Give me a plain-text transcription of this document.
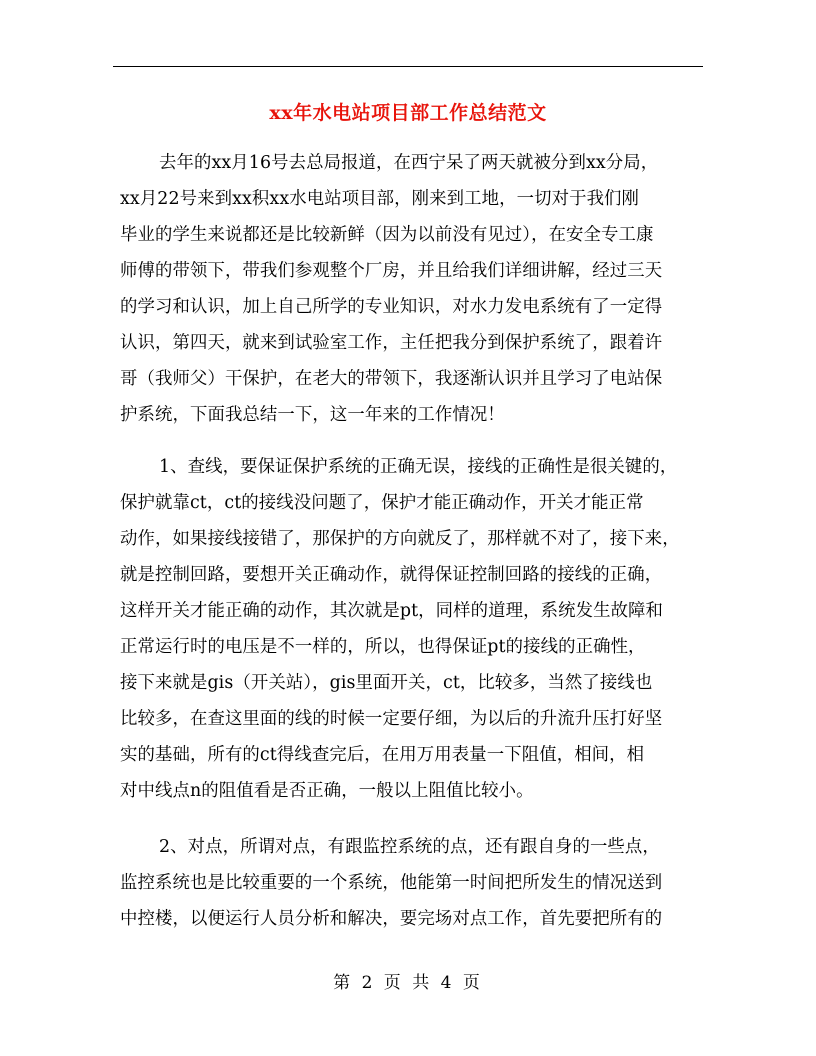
xx年水电站项目部工作总结范文
去年的xx月16号去总局报道，在西宁呆了两天就被分到xx分局，
xx月22号来到xx积xx水电站项目部，刚来到工地，一切对于我们刚
毕业的学生来说都还是比较新鲜（因为以前没有见过），在安全专工康
师傅的带领下，带我们参观整个厂房，并且给我们详细讲解，经过三天
的学习和认识，加上自己所学的专业知识，对水力发电系统有了一定得
认识，第四天，就来到试验室工作，主任把我分到保护系统了，跟着许
哥（我师父）干保护，在老大的带领下，我逐渐认识并且学习了电站保
护系统，下面我总结一下，这一年来的工作情况！
1、查线，要保证保护系统的正确无误，接线的正确性是很关键的，
保护就靠ct，ct的接线没问题了，保护才能正确动作，开关才能正常
动作，如果接线接错了，那保护的方向就反了，那样就不对了，接下来，
就是控制回路，要想开关正确动作，就得保证控制回路的接线的正确，
这样开关才能正确的动作，其次就是pt，同样的道理，系统发生故障和
正常运行时的电压是不一样的，所以，也得保证pt的接线的正确性，
接下来就是gis（开关站），gis里面开关，ct，比较多，当然了接线也
比较多，在查这里面的线的时候一定要仔细，为以后的升流升压打好坚
实的基础，所有的ct得线查完后，在用万用表量一下阻值，相间，相
对中线点n的阻值看是否正确，一般以上阻值比较小。
2、对点，所谓对点，有跟监控系统的点，还有跟自身的一些点，
监控系统也是比较重要的一个系统，他能第一时间把所发生的情况送到
中控楼，以便运行人员分析和解决，要完场对点工作，首先要把所有的
第 2 页 共 4 页
